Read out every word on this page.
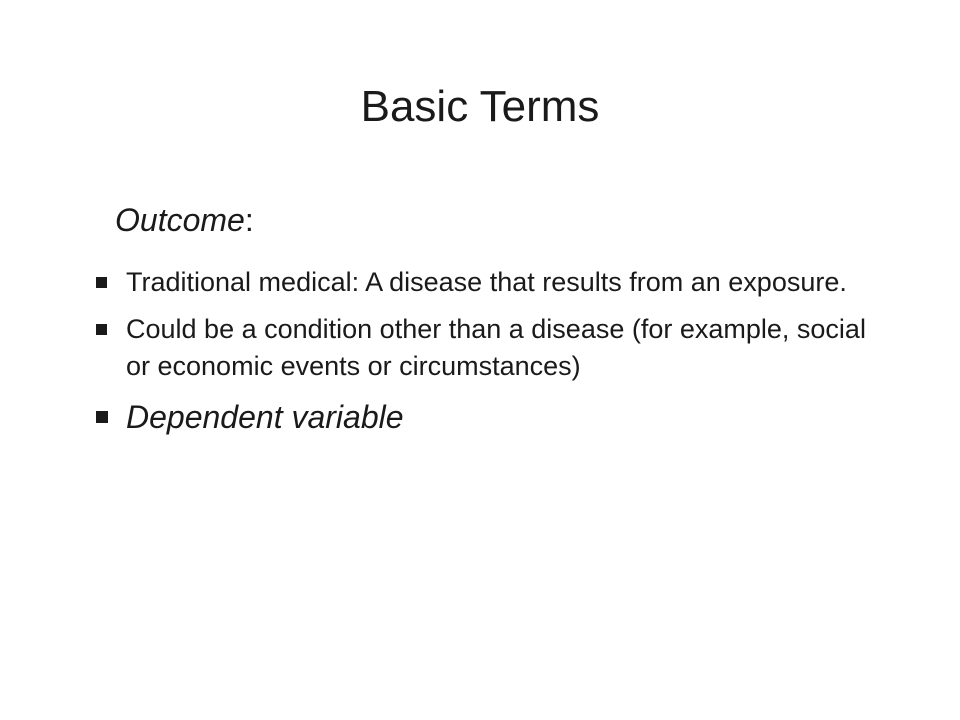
Basic Terms
Outcome:
Traditional medical: A disease that results from an exposure.
Could be a condition other than a disease (for example, social or economic events or circumstances)
Dependent variable
